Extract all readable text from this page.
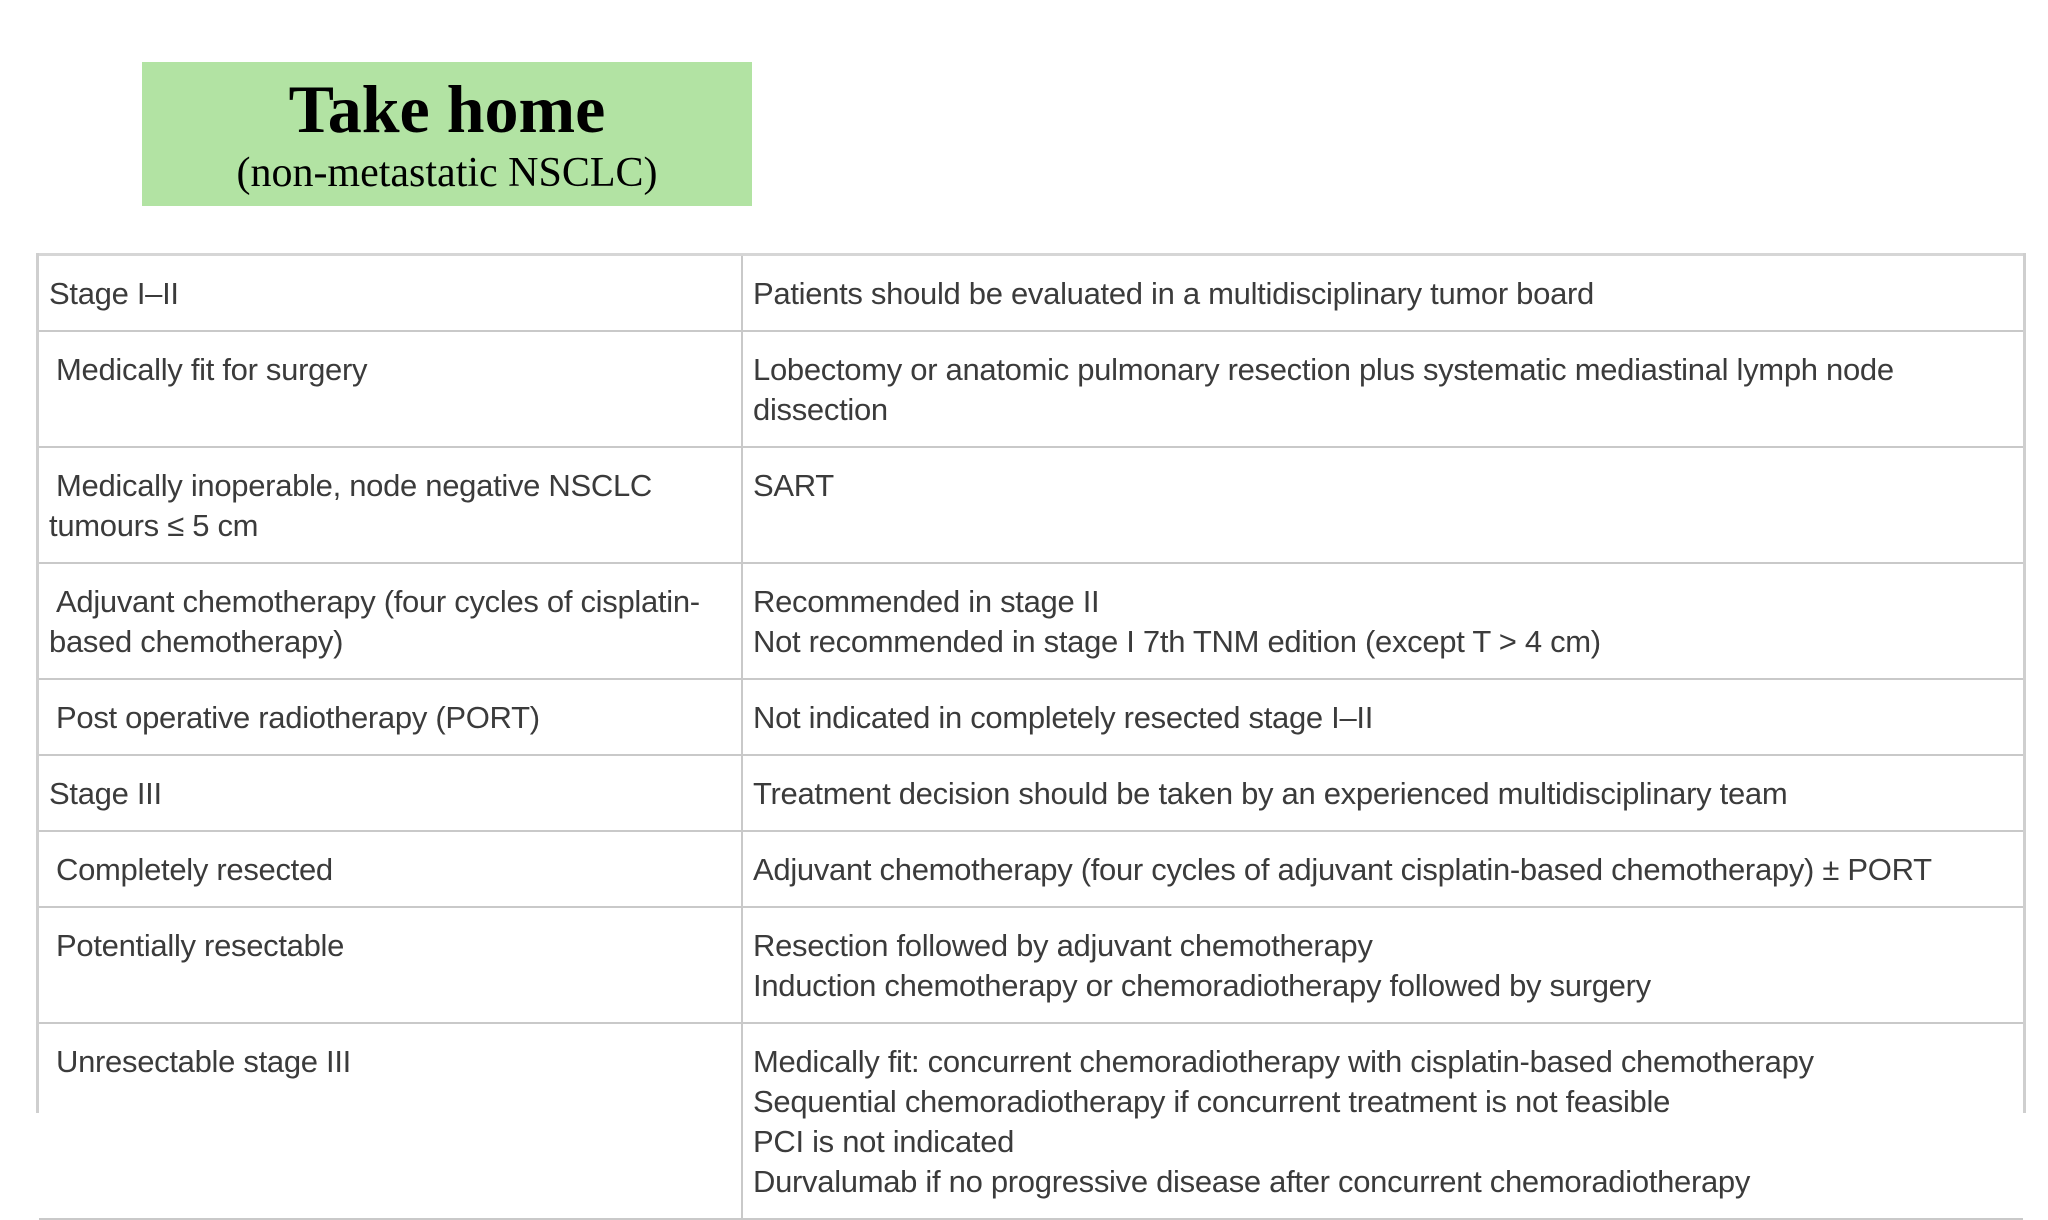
Take home
(non-metastatic NSCLC)
Stage I–II	Patients should be evaluated in a multidisciplinary tumor board

Medically fit for surgery	Lobectomy or anatomic pulmonary resection plus systematic mediastinal lymph node dissection

Medically inoperable, node negative NSCLC tumours ≤ 5 cm	SART

Adjuvant chemotherapy (four cycles of cisplatin-based chemotherapy)	Recommended in stage II
Not recommended in stage I 7th TNM edition (except T > 4 cm)

Post operative radiotherapy (PORT)	Not indicated in completely resected stage I–II

Stage III	Treatment decision should be taken by an experienced multidisciplinary team

Completely resected	Adjuvant chemotherapy (four cycles of adjuvant cisplatin-based chemotherapy) ± PORT

Potentially resectable	Resection followed by adjuvant chemotherapy
Induction chemotherapy or chemoradiotherapy followed by surgery

Unresectable stage III	Medically fit: concurrent chemoradiotherapy with cisplatin-based chemotherapy
Sequential chemoradiotherapy if concurrent treatment is not feasible
PCI is not indicated
Durvalumab if no progressive disease after concurrent chemoradiotherapy
